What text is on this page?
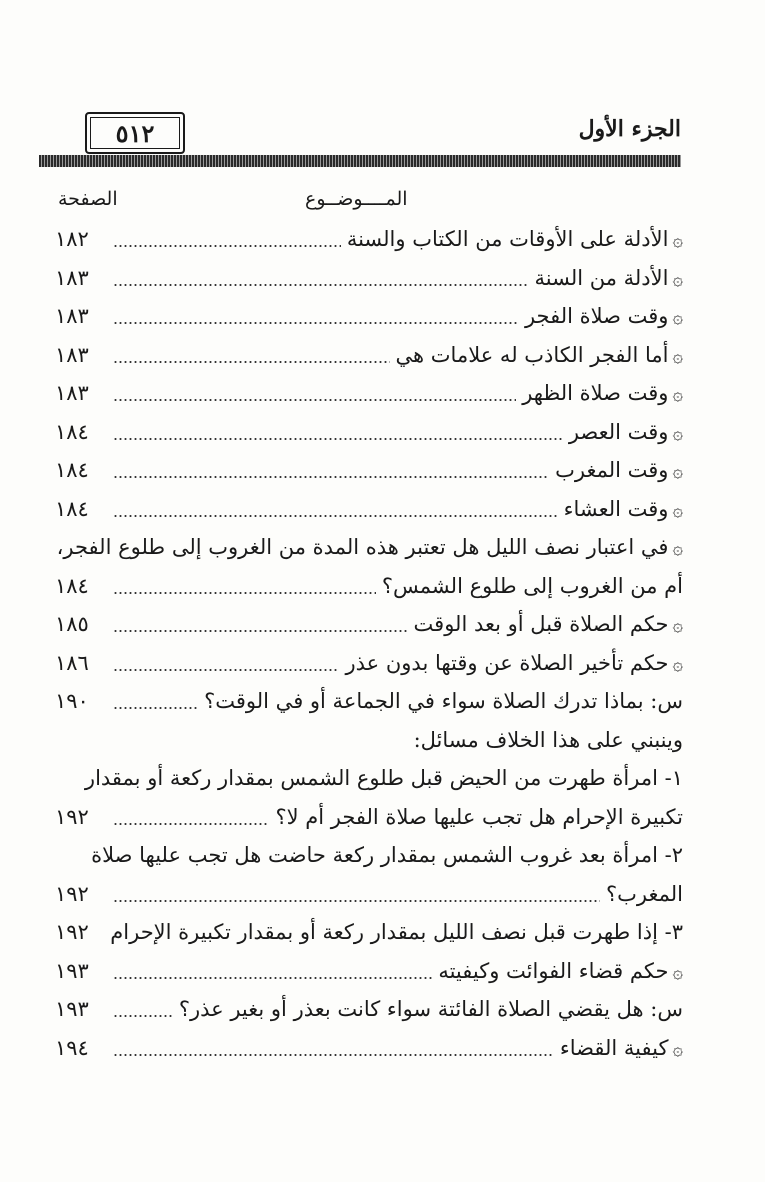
٥١٢	الجزء الأول
المــــوضــوع
الصفحة
۞الأدلة على الأوقات من الكتاب والسنة
١٨٢
۞الأدلة من السنة
١٨٣
۞وقت صلاة الفجر
١٨٣
۞أما الفجر الكاذب له علامات هي
١٨٣
۞وقت صلاة الظهر
١٨٣
۞وقت العصر
١٨٤
۞وقت المغرب
١٨٤
۞وقت العشاء
١٨٤
۞في اعتبار نصف الليل هل تعتبر هذه المدة من الغروب إلى طلوع الفجر،
أم من الغروب إلى طلوع الشمس؟
١٨٤
۞حكم الصلاة قبل أو بعد الوقت
١٨٥
۞حكم تأخير الصلاة عن وقتها بدون عذر
١٨٦
س: بماذا تدرك الصلاة سواء في الجماعة أو في الوقت؟
١٩٠
وينبني على هذا الخلاف مسائل:
١- امرأة طهرت من الحيض قبل طلوع الشمس بمقدار ركعة أو بمقدار
تكبيرة الإحرام هل تجب عليها صلاة الفجر أم لا؟
١٩٢
٢- امرأة بعد غروب الشمس بمقدار ركعة حاضت هل تجب عليها صلاة
المغرب؟
١٩٢
٣- إذا طهرت قبل نصف الليل بمقدار ركعة أو بمقدار تكبيرة الإحرام
١٩٢
۞حكم قضاء الفوائت وكيفيته
١٩٣
س: هل يقضي الصلاة الفائتة سواء كانت بعذر أو بغير عذر؟
١٩٣
۞كيفية القضاء
١٩٤
